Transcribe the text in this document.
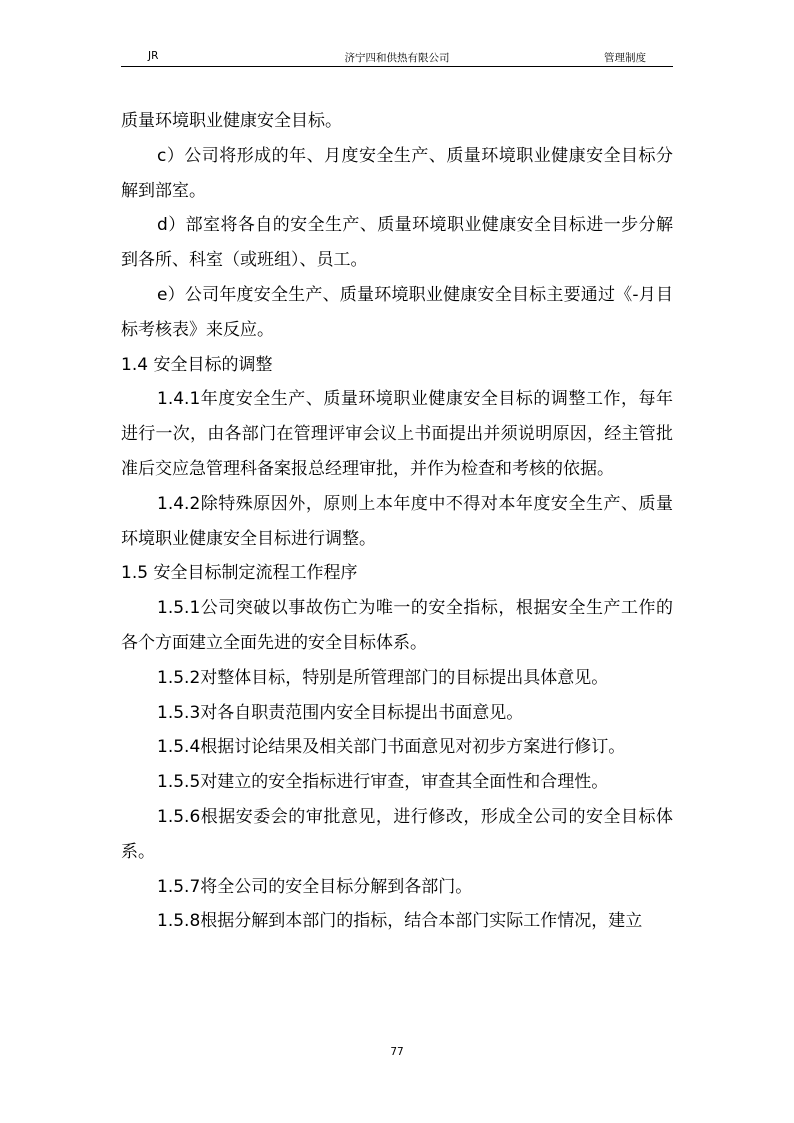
JR	济宁四和供热有限公司	管理制度

质量环境职业健康安全目标。

c）公司将形成的年、月度安全生产、质量环境职业健康安全目标分解到部室。

d）部室将各自的安全生产、质量环境职业健康安全目标进一步分解到各所、科室（或班组）、员工。

e）公司年度安全生产、质量环境职业健康安全目标主要通过《-月目标考核表》来反应。

1.4 安全目标的调整

1.4.1年度安全生产、质量环境职业健康安全目标的调整工作，每年进行一次，由各部门在管理评审会议上书面提出并须说明原因，经主管批准后交应急管理科备案报总经理审批，并作为检查和考核的依据。

1.4.2除特殊原因外，原则上本年度中不得对本年度安全生产、质量环境职业健康安全目标进行调整。

1.5 安全目标制定流程工作程序

1.5.1公司突破以事故伤亡为唯一的安全指标，根据安全生产工作的各个方面建立全面先进的安全目标体系。

1.5.2对整体目标，特别是所管理部门的目标提出具体意见。

1.5.3对各自职责范围内安全目标提出书面意见。

1.5.4根据讨论结果及相关部门书面意见对初步方案进行修订。

1.5.5对建立的安全指标进行审查，审查其全面性和合理性。

1.5.6根据安委会的审批意见，进行修改，形成全公司的安全目标体系。

1.5.7将全公司的安全目标分解到各部门。

1.5.8根据分解到本部门的指标，结合本部门实际工作情况，建立

77
